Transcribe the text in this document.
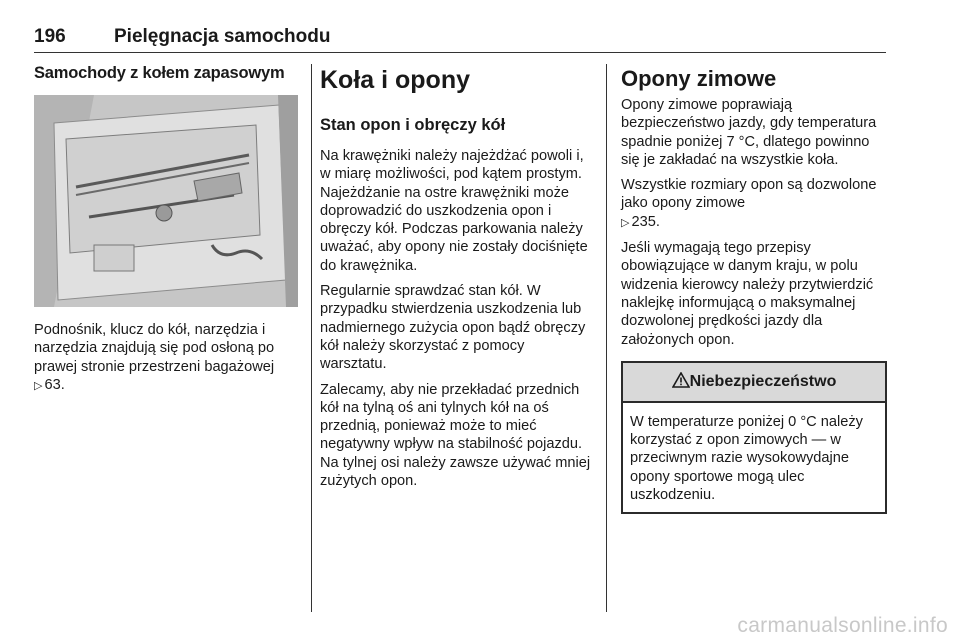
196	Pielęgnacja samochodu
Samochody z kołem zapasowym

Podnośnik, klucz do kół, narzędzia i narzędzia znajdują się pod osłoną po prawej stronie przestrzeni bagażowej
▷ 63.

Koła i opony
Stan opon i obręczy kół

Na krawężniki należy najeżdżać powoli i, w miarę możliwości, pod kątem prostym. Najeżdżanie na ostre krawężniki może doprowadzić do uszkodzenia opon i obręczy kół. Podczas parkowania należy uważać, aby opony nie zostały dociśnięte do krawężnika.

Regularnie sprawdzać stan kół. W przypadku stwierdzenia uszkodzenia lub nadmiernego zużycia opon bądź obręczy kół należy skorzystać z pomocy warsztatu.

Zalecamy, aby nie przekładać przednich kół na tylną oś ani tylnych kół na oś przednią, ponieważ może to mieć negatywny wpływ na stabilność pojazdu. Na tylnej osi należy zawsze używać mniej zużytych opon.

Opony zimowe

Opony zimowe poprawiają bezpieczeństwo jazdy, gdy temperatura spadnie poniżej 7 °C, dlatego powinno się je zakładać na wszystkie koła.

Wszystkie rozmiary opon są dozwolone jako opony zimowe
▷ 235.

Jeśli wymagają tego przepisy obowiązujące w danym kraju, w polu widzenia kierowcy należy przytwierdzić naklejkę informującą o maksymalnej dozwolonej prędkości jazdy dla założonych opon.

Niebezpieczeństwo

W temperaturze poniżej 0 °C należy korzystać z opon zimowych — w przeciwnym razie wysokowydajne opony sportowe mogą ulec uszkodzeniu.

carmanualsonline.info
